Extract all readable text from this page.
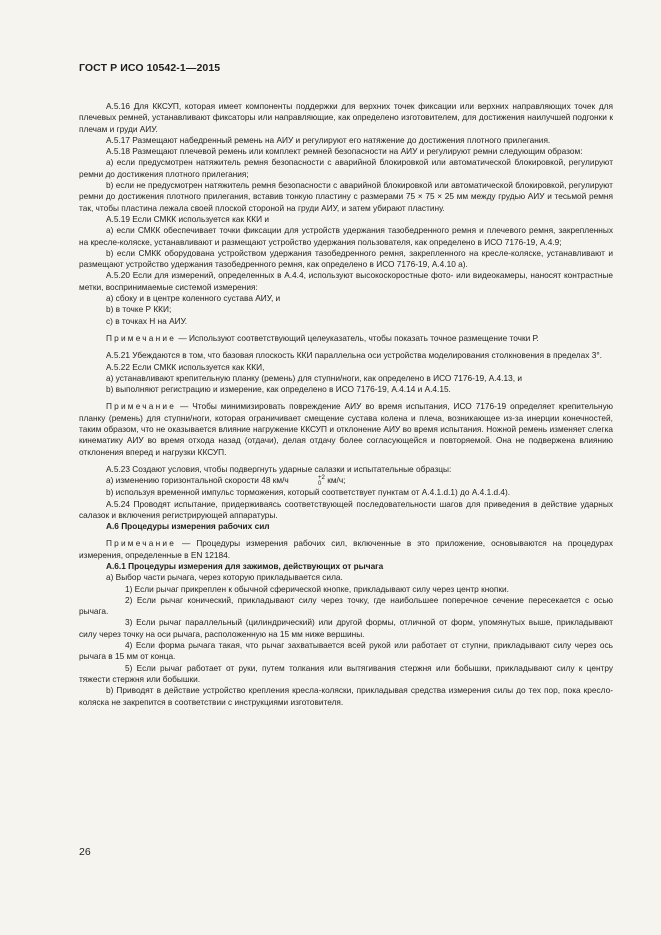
ГОСТ Р ИСО 10542-1—2015

А.5.16 Для ККСУП, которая имеет компоненты поддержки для верхних точек фиксации или верхних направляющих точек для плечевых ремней, устанавливают фиксаторы или направляющие, как определено изготовителем, для достижения наилучшей подгонки к плечам и груди АИУ.

А.5.17 Размещают набедренный ремень на АИУ и регулируют его натяжение до достижения плотного прилегания.

А.5.18 Размещают плечевой ремень или комплект ремней безопасности на АИУ и регулируют ремни следующим образом:

а) если предусмотрен натяжитель ремня безопасности с аварийной блокировкой или автоматической блокировкой, регулируют ремни до достижения плотного прилегания;

b) если не предусмотрен натяжитель ремня безопасности с аварийной блокировкой или автоматической блокировкой, регулируют ремни до достижения плотного прилегания, вставив тонкую пластину с размерами 75 × 75 × 25 мм между грудью АИУ и тесьмой ремня так, чтобы пластина лежала своей плоской стороной на груди АИУ, и затем убирают пластину.

А.5.19 Если СМКК используется как ККИ и

а) если СМКК обеспечивает точки фиксации для устройств удержания тазобедренного ремня и плечевого ремня, закрепленных на кресле-коляске, устанавливают и размещают устройство удержания пользователя, как определено в ИСО 7176-19, А.4.9;

b) если СМКК оборудована устройством удержания тазобедренного ремня, закрепленного на кресле-коляске, устанавливают и размещают устройство удержания тазобедренного ремня, как определено в ИСО 7176-19, А.4.10 а).

А.5.20 Если для измерений, определенных в А.4.4, используют высокоскоростные фото- или видеокамеры, наносят контрастные метки, воспринимаемые системой измерения:

а) сбоку и в центре коленного сустава АИУ, и

b) в точке Р ККИ;

с) в точках Н на АИУ.

Примечание — Используют соответствующий целеуказатель, чтобы показать точное размещение точки Р.

А.5.21 Убеждаются в том, что базовая плоскость ККИ параллельна оси устройства моделирования столкновения в пределах 3°.

А.5.22 Если СМКК используется как ККИ,

а) устанавливают крепительную планку (ремень) для ступни/ноги, как определено в ИСО 7176-19, А.4.13, и

b) выполняют регистрацию и измерение, как определено в ИСО 7176-19, А.4.14 и А.4.15.

Примечание — Чтобы минимизировать повреждение АИУ во время испытания, ИСО 7176-19 определяет крепительную планку (ремень) для ступни/ноги, которая ограничивает смещение сустава колена и плеча, возникающее из-за инерции конечностей, таким образом, что не оказывается влияние нагружение ККСУП и отклонение АИУ во время испытания. Ножной ремень изменяет слегка кинематику АИУ во время отхода назад (отдачи), делая отдачу более согласующейся и повторяемой. Она не подвержена влиянию отклонения вперед и нагрузки ККСУП.

А.5.23 Создают условия, чтобы подвергнуть ударные салазки и испытательные образцы:

а) изменению горизонтальной скорости 48 км/ч	+2
0 км/ч;

b) используя временной импульс торможения, который соответствует пунктам от А.4.1.d.1) до А.4.1.d.4).

А.5.24 Проводят испытание, придерживаясь соответствующей последовательности шагов для приведения в действие ударных салазок и включения регистрирующей аппаратуры.

А.6 Процедуры измерения рабочих сил

Примечание — Процедуры измерения рабочих сил, включенные в это приложение, основываются на процедурах измерения, определенные в EN 12184.

А.6.1 Процедуры измерения для зажимов, действующих от рычага

а) Выбор части рычага, через которую прикладывается сила.

1) Если рычаг прикреплен к обычной сферической кнопке, прикладывают силу через центр кнопки.

2) Если рычаг конический, прикладывают силу через точку, где наибольшее поперечное сечение пересекается с осью рычага.

3) Если рычаг параллельный (цилиндрический) или другой формы, отличной от форм, упомянутых выше, прикладывают силу через точку на оси рычага, расположенную на 15 мм ниже вершины.

4) Если форма рычага такая, что рычаг захватывается всей рукой или работает от ступни, прикладывают силу через ось рычага в 15 мм от конца.

5) Если рычаг работает от руки, путем толкания или вытягивания стержня или бобышки, прикладывают силу к центру тяжести стержня или бобышки.

b) Приводят в действие устройство крепления кресла-коляски, прикладывая средства измерения силы до тех пор, пока кресло-коляска не закрепится в соответствии с инструкциями изготовителя.

26
